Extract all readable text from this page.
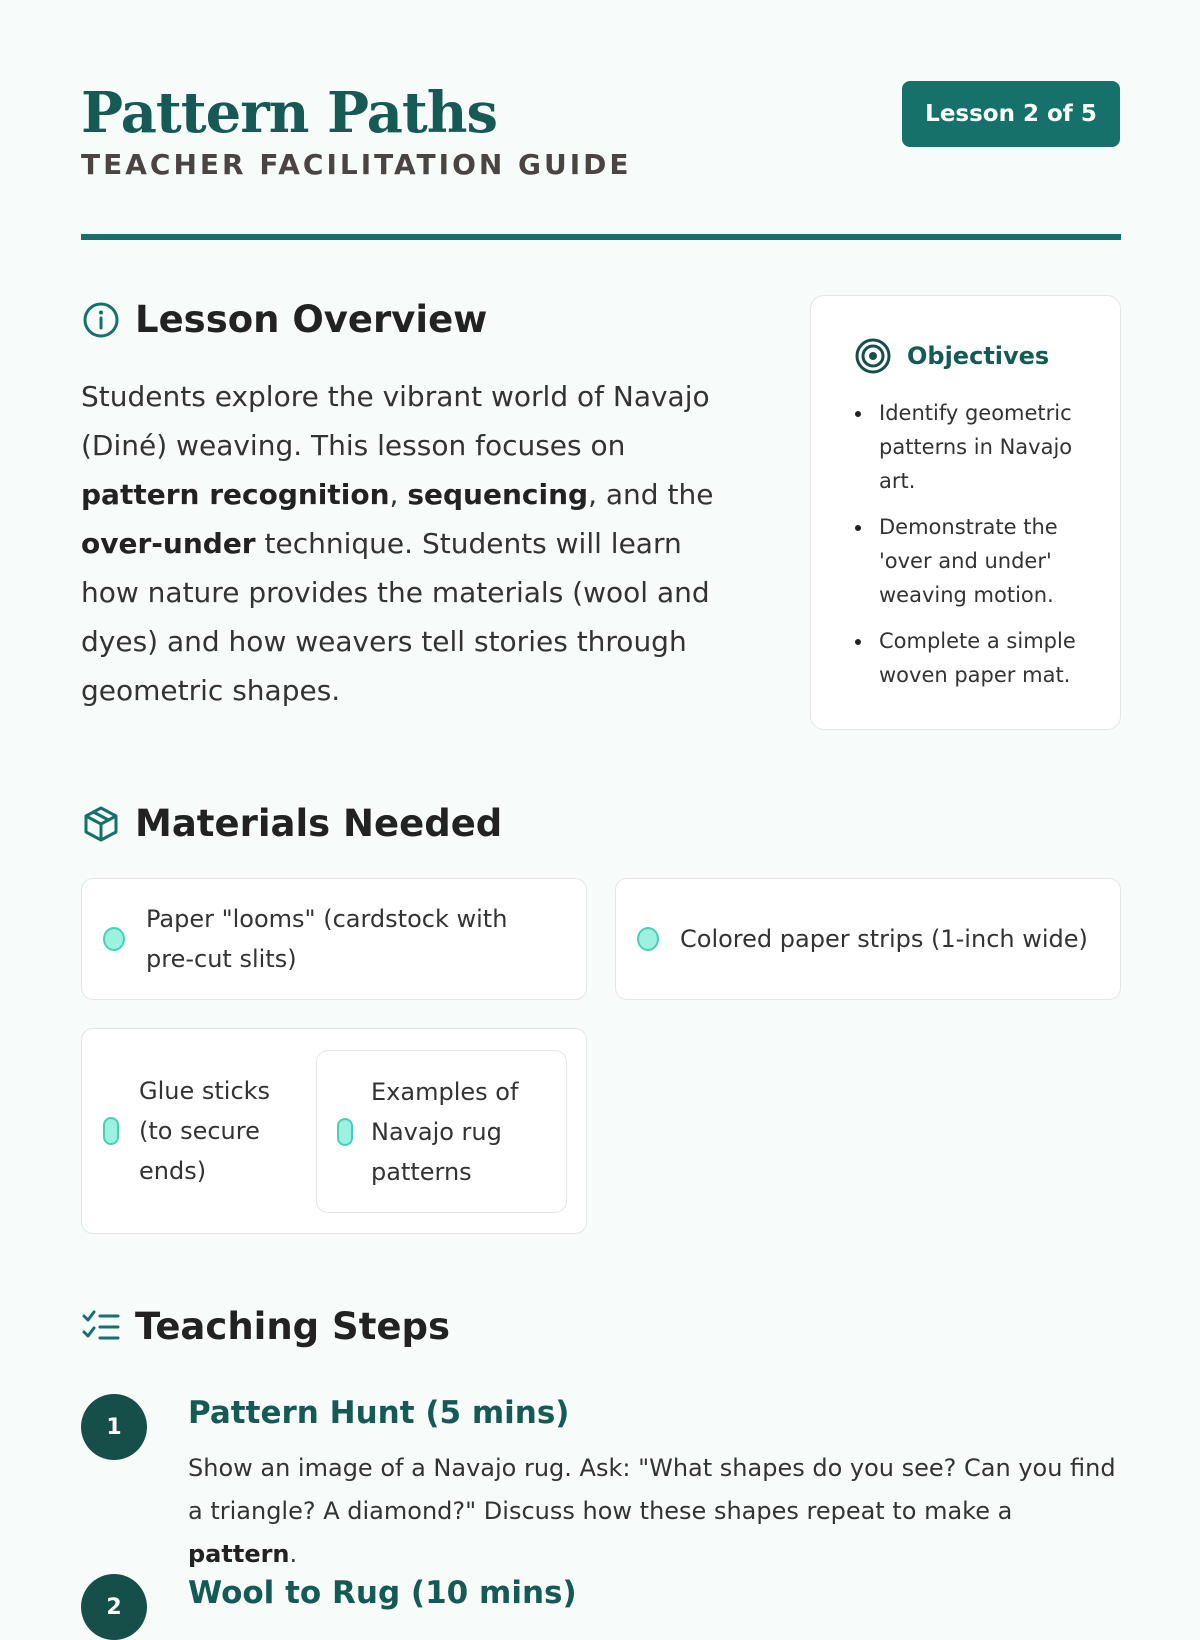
Pattern Paths
TEACHER FACILITATION GUIDE
Lesson 2 of 5
Lesson Overview

Students explore the vibrant world of Navajo (Diné) weaving. This lesson focuses on pattern recognition, sequencing, and the over-under technique. Students will learn how nature provides the materials (wool and dyes) and how weavers tell stories through geometric shapes.

Objectives
Identify geometric patterns in Navajo art.
Demonstrate the 'over and under' weaving motion.
Complete a simple woven paper mat.
Materials Needed
Paper "looms" (cardstock with pre-cut slits)
Colored paper strips (1-inch wide)
Glue sticks (to secure ends)
Examples of Navajo rug patterns
Teaching Steps
1	Pattern Hunt (5 mins)

Show an image of a Navajo rug. Ask: "What shapes do you see? Can you find a triangle? A diamond?" Discuss how these shapes repeat to make a pattern.

2	Wool to Rug (10 mins)
